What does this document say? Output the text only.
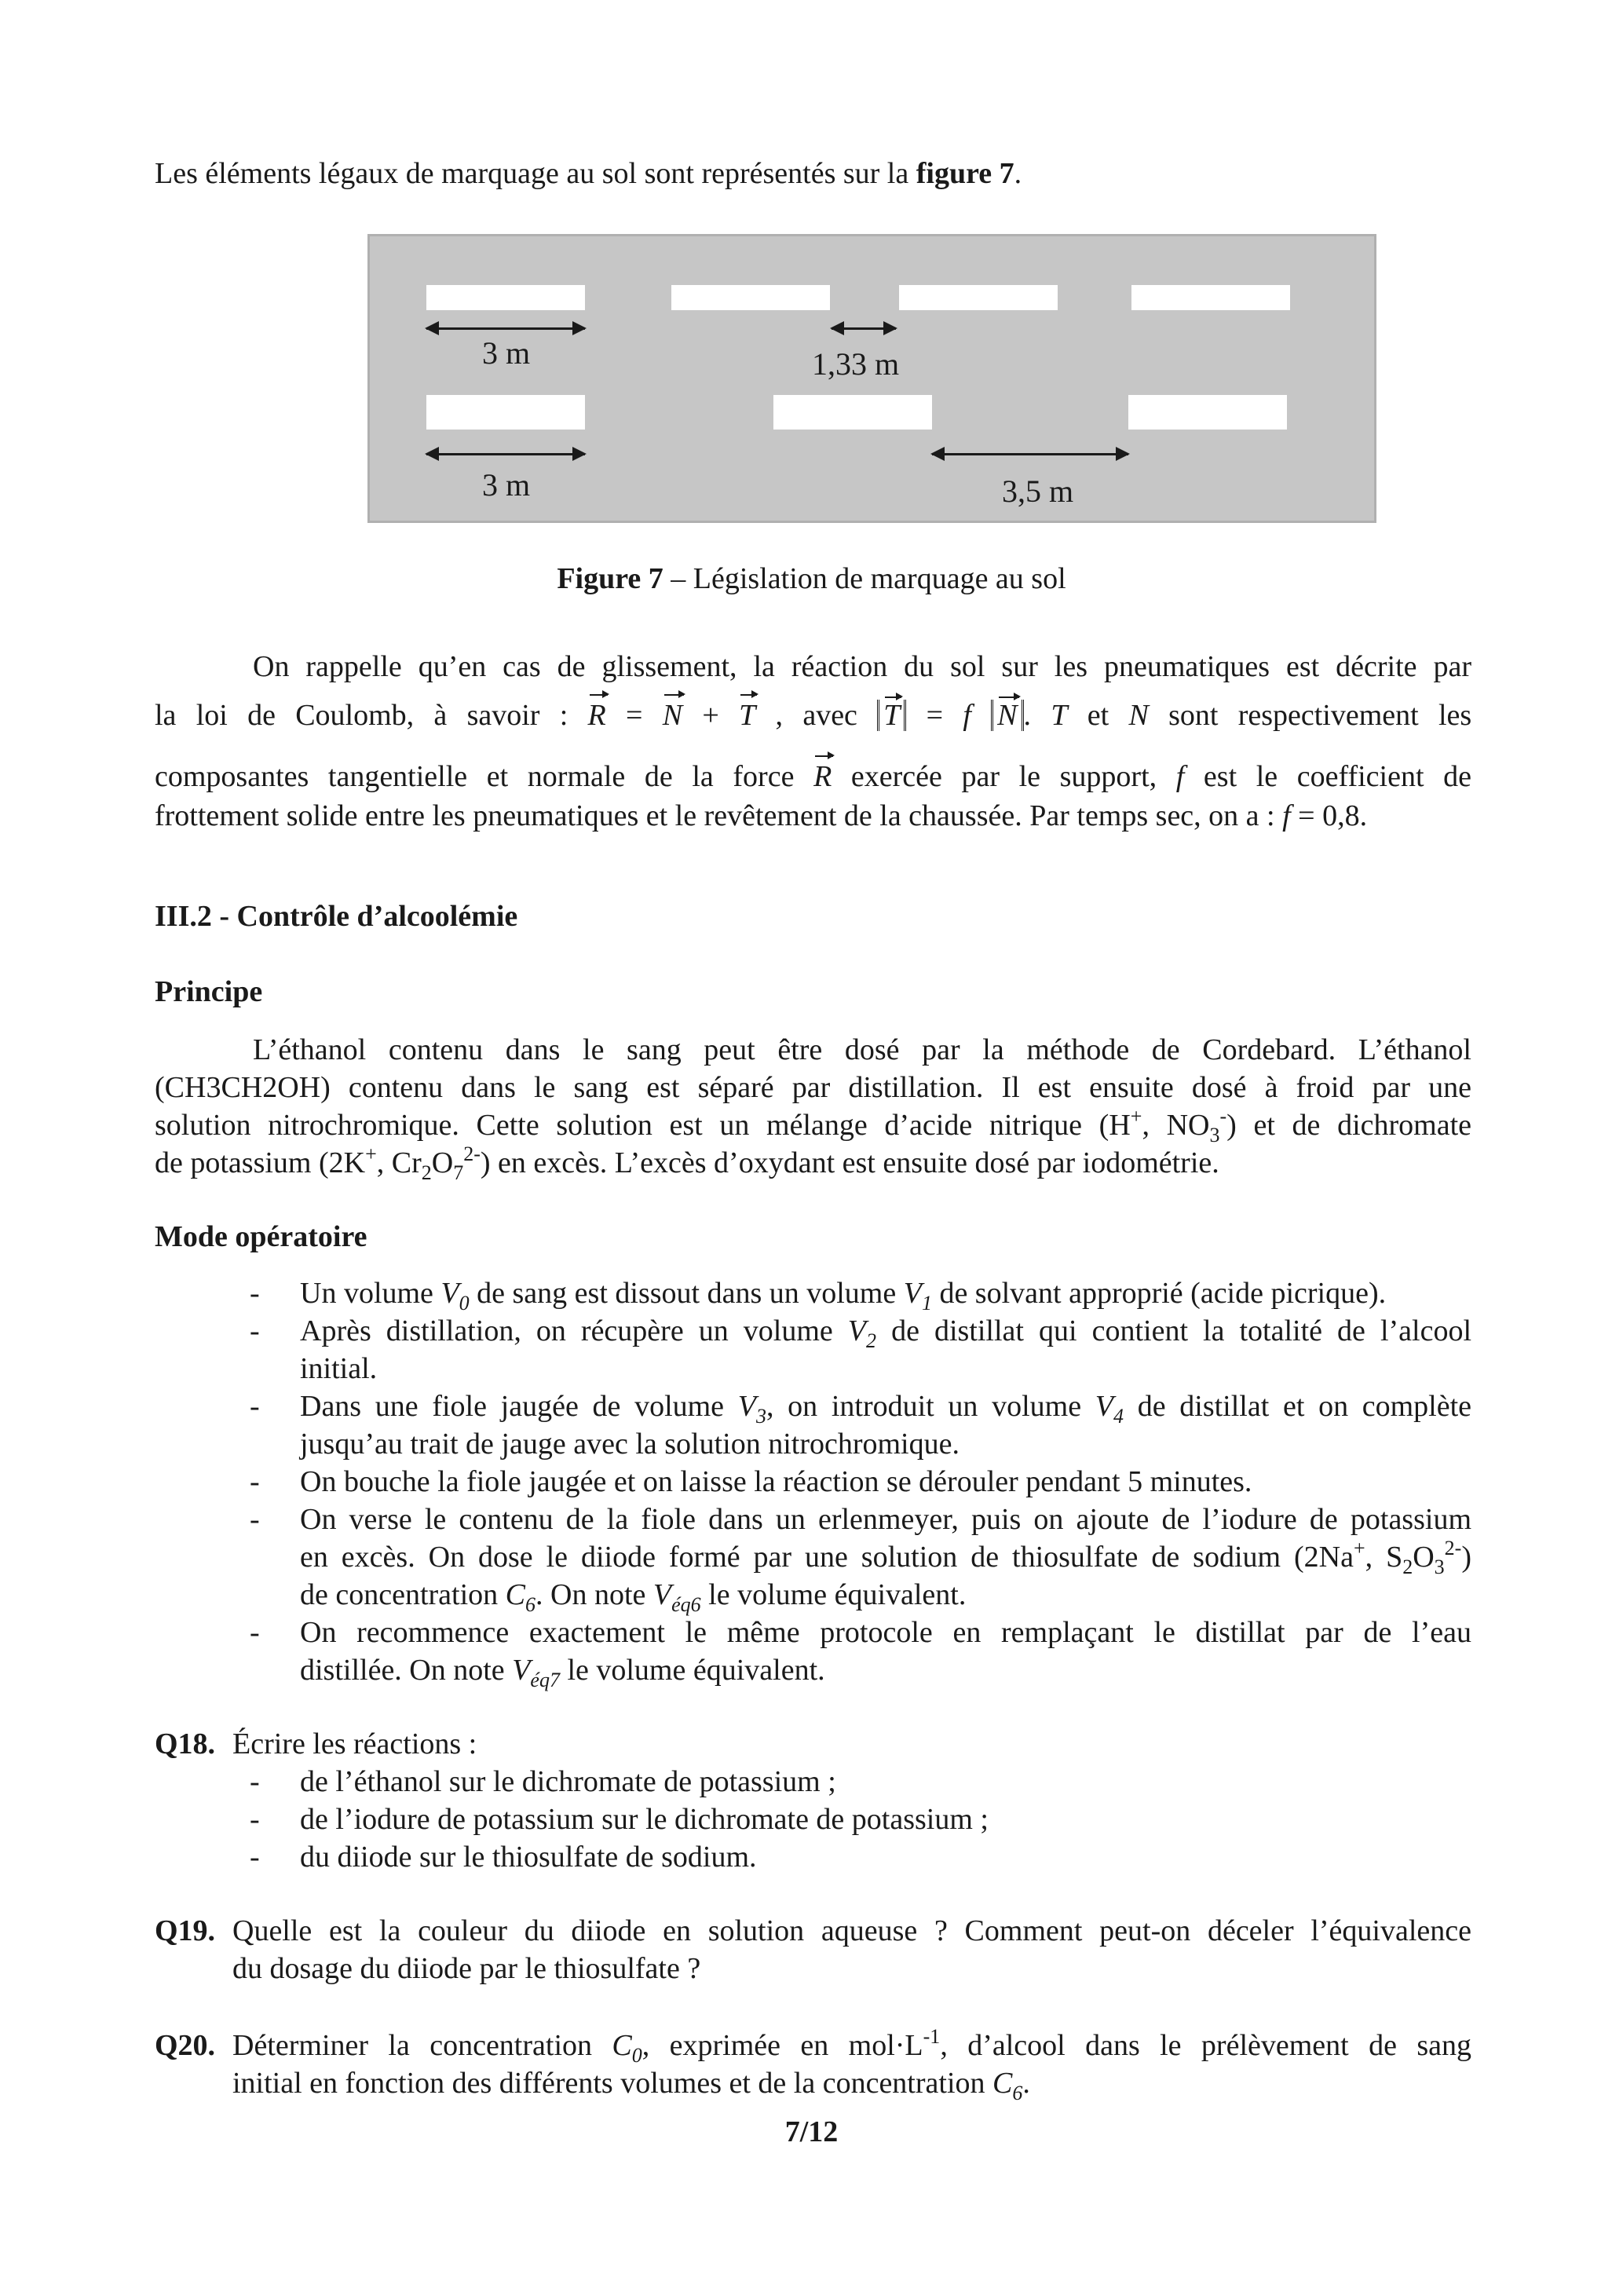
Les éléments légaux de marquage au sol sont représentés sur la figure 7.
3 m	1,33 m
3 m	3,5 m
Figure 7 – Législation de marquage au sol
On rappelle qu’en cas de glissement, la réaction du sol sur les pneumatiques est décrite par
la loi de Coulomb, à savoir : R = N + T , avec T = f N . T et N sont respectivement les
composantes tangentielle et normale de la force R exercée par le support, f est le coefficient de
frottement solide entre les pneumatiques et le revêtement de la chaussée. Par temps sec, on a : f = 0,8.
III.2 - Contrôle d’alcoolémie
Principe
L’éthanol contenu dans le sang peut être dosé par la méthode de Cordebard. L’éthanol
(CH3CH2OH) contenu dans le sang est séparé par distillation. Il est ensuite dosé à froid par une
solution nitrochromique. Cette solution est un mélange d’acide nitrique (H+, $NO_3^-$) et de dichromate
de potassium (2K+, $Cr_2O_7^{2-}$) en excès. L’excès d’oxydant est ensuite dosé par iodométrie.
Mode opératoire
- Un volume $V_0$ de sang est dissout dans un volume $V_1$ de solvant approprié (acide picrique).
- Après distillation, on récupère un volume $V_2$ de distillat qui contient la totalité de l’alcool
initial.
- Dans une fiole jaugée de volume $V_3$, on introduit un volume $V_4$ de distillat et on complète
jusqu’au trait de jauge avec la solution nitrochromique.
- On bouche la fiole jaugée et on laisse la réaction se dérouler pendant 5 minutes.
- On verse le contenu de la fiole dans un erlenmeyer, puis on ajoute de l’iodure de potassium
en excès. On dose le diiode formé par une solution de thiosulfate de sodium (2Na+, $S_2O_3^{2-}$)
de concentration $C_6$. On note $V_{éq6}$ le volume équivalent.
- On recommence exactement le même protocole en remplaçant le distillat par de l’eau
distillée. On note $V_{éq7}$ le volume équivalent.
Q18. Écrire les réactions :
- de l’éthanol sur le dichromate de potassium ;
- de l’iodure de potassium sur le dichromate de potassium ;
- du diiode sur le thiosulfate de sodium.
Q19. Quelle est la couleur du diiode en solution aqueuse ? Comment peut-on déceler l’équivalence
du dosage du diiode par le thiosulfate ?
Q20. Déterminer la concentration $C_0$, exprimée en $mol\cdot L^{-1}$, d’alcool dans le prélèvement de sang
initial en fonction des différents volumes et de la concentration $C_6$.
7/12
